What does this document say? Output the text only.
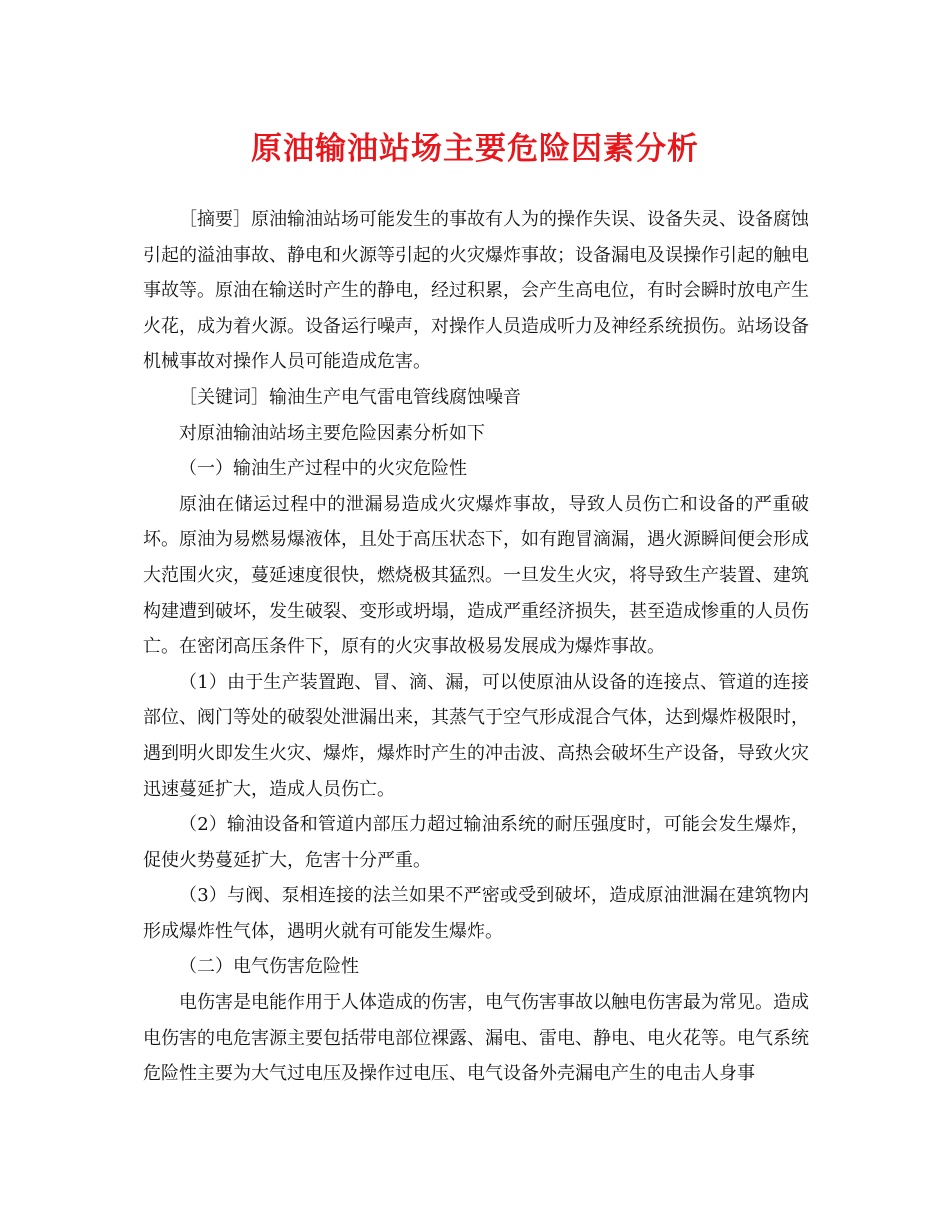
原油输油站场主要危险因素分析

［摘要］原油输油站场可能发生的事故有人为的操作失误、设备失灵、设备腐蚀引起的溢油事故、静电和火源等引起的火灾爆炸事故；设备漏电及误操作引起的触电事故等。原油在输送时产生的静电，经过积累，会产生高电位，有时会瞬时放电产生火花，成为着火源。设备运行噪声，对操作人员造成听力及神经系统损伤。站场设备机械事故对操作人员可能造成危害。

［关键词］输油生产电气雷电管线腐蚀噪音

对原油输油站场主要危险因素分析如下

（一）输油生产过程中的火灾危险性

原油在储运过程中的泄漏易造成火灾爆炸事故，导致人员伤亡和设备的严重破坏。原油为易燃易爆液体，且处于高压状态下，如有跑冒滴漏，遇火源瞬间便会形成大范围火灾，蔓延速度很快，燃烧极其猛烈。一旦发生火灾，将导致生产装置、建筑构建遭到破坏，发生破裂、变形或坍塌，造成严重经济损失，甚至造成惨重的人员伤亡。在密闭高压条件下，原有的火灾事故极易发展成为爆炸事故。

（1）由于生产装置跑、冒、滴、漏，可以使原油从设备的连接点、管道的连接部位、阀门等处的破裂处泄漏出来，其蒸气于空气形成混合气体，达到爆炸极限时，遇到明火即发生火灾、爆炸，爆炸时产生的冲击波、高热会破坏生产设备，导致火灾迅速蔓延扩大，造成人员伤亡。

（2）输油设备和管道内部压力超过输油系统的耐压强度时，可能会发生爆炸，促使火势蔓延扩大，危害十分严重。

（3）与阀、泵相连接的法兰如果不严密或受到破坏，造成原油泄漏在建筑物内形成爆炸性气体，遇明火就有可能发生爆炸。

（二）电气伤害危险性

电伤害是电能作用于人体造成的伤害，电气伤害事故以触电伤害最为常见。造成电伤害的电危害源主要包括带电部位裸露、漏电、雷电、静电、电火花等。电气系统危险性主要为大气过电压及操作过电压、电气设备外壳漏电产生的电击人身事
